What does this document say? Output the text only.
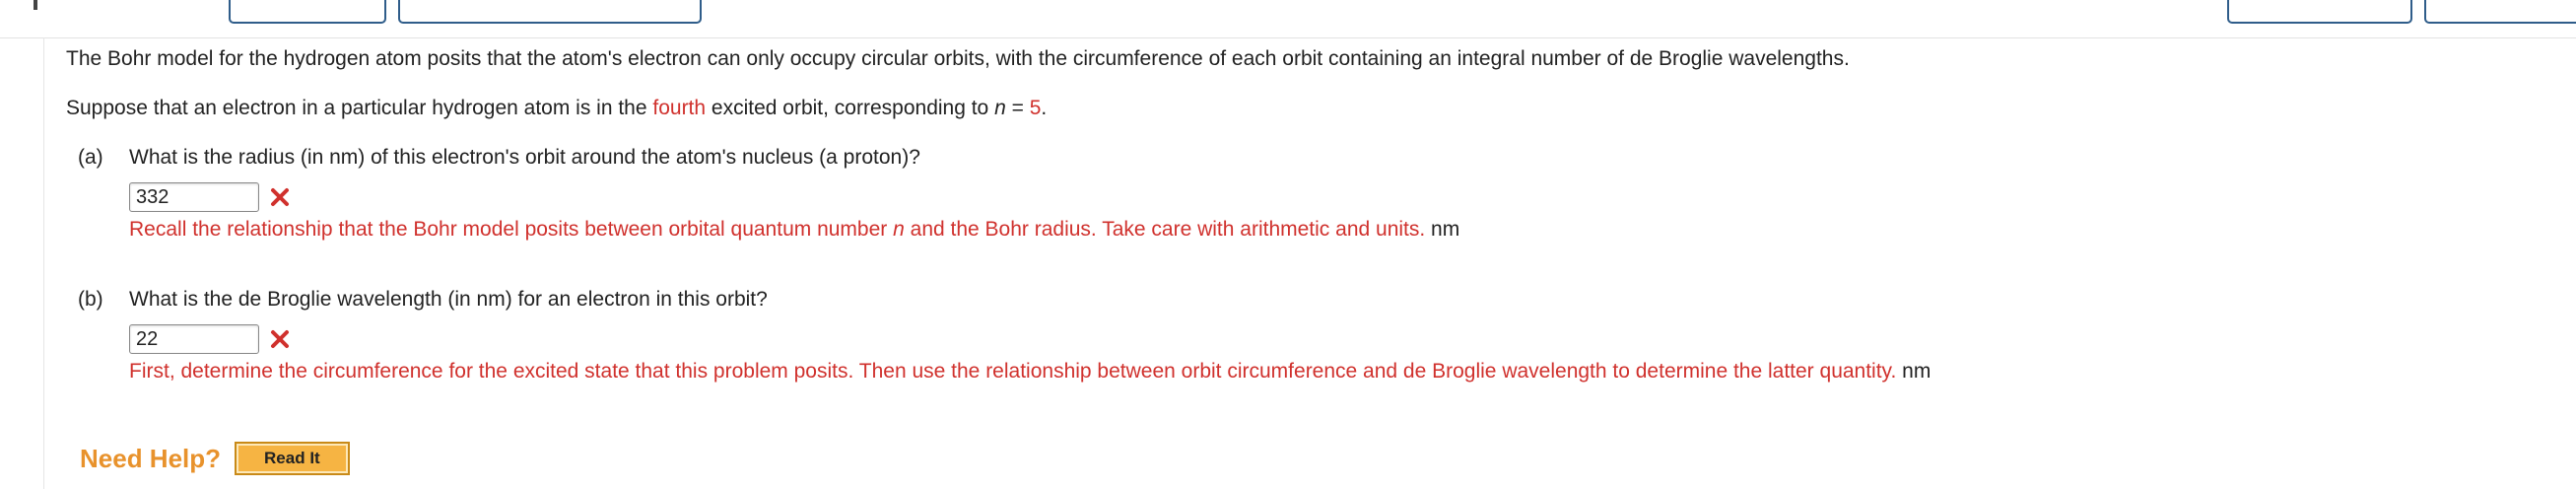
The Bohr model for the hydrogen atom posits that the atom's electron can only occupy circular orbits, with the circumference of each orbit containing an integral number of de Broglie wavelengths.
Suppose that an electron in a particular hydrogen atom is in the fourth excited orbit, corresponding to n = 5.
(a) What is the radius (in nm) of this electron's orbit around the atom's nucleus (a proton)?
332
Recall the relationship that the Bohr model posits between orbital quantum number n and the Bohr radius. Take care with arithmetic and units. nm
(b) What is the de Broglie wavelength (in nm) for an electron in this orbit?
22
First, determine the circumference for the excited state that this problem posits. Then use the relationship between orbit circumference and de Broglie wavelength to determine the latter quantity. nm
Need Help?	Read It
